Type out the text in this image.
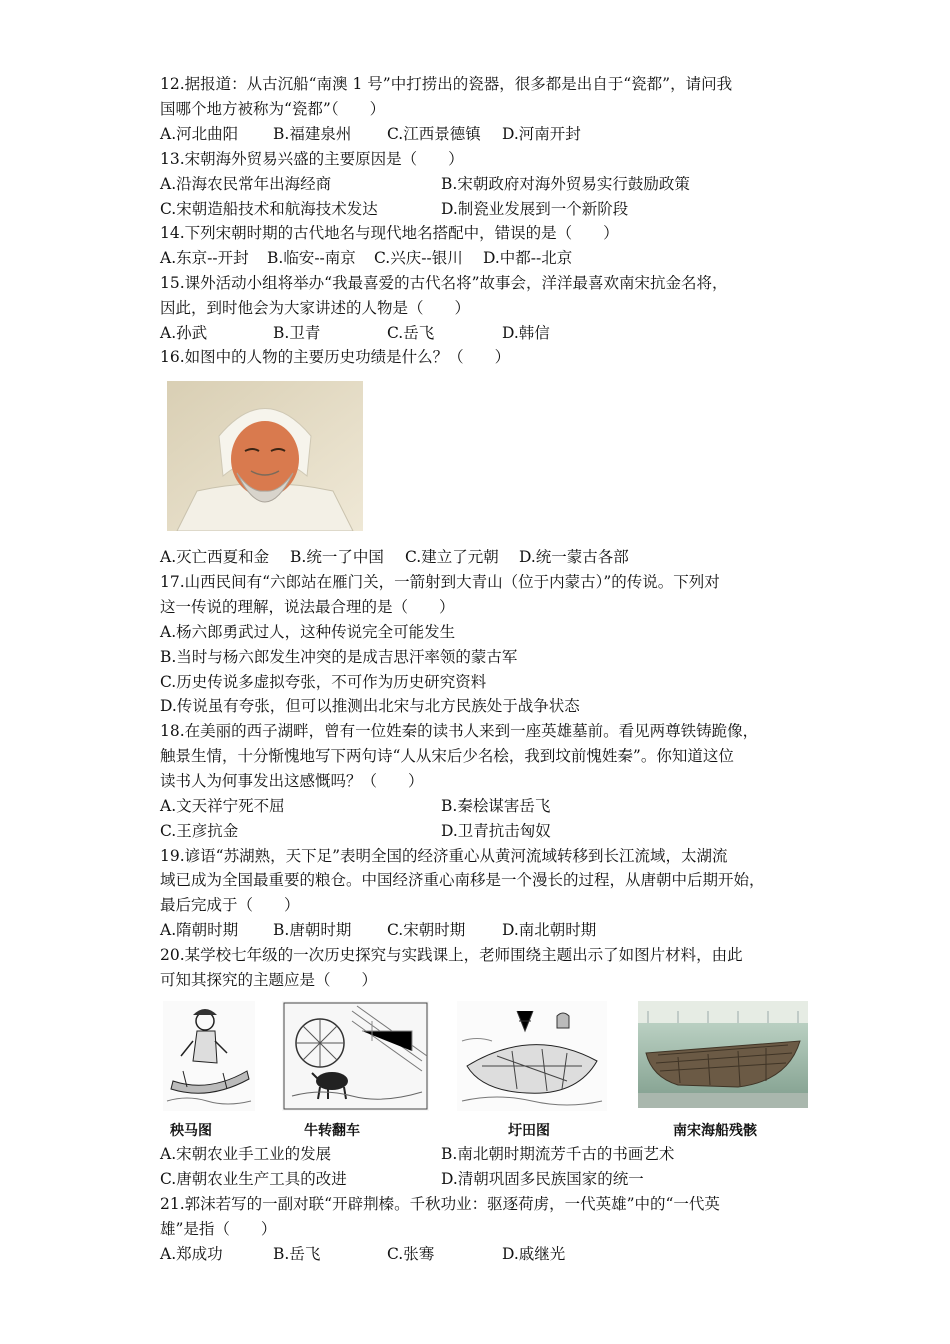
12.据报道：从古沉船“南澳 1 号”中打捞出的瓷器，很多都是出自于“瓷都”，请问我
国哪个地方被称为“瓷都”（　　）
A.河北曲阳 B.福建泉州 C.江西景德镇 D.河南开封
13.宋朝海外贸易兴盛的主要原因是（　　）
A.沿海农民常年出海经商	B.宋朝政府对海外贸易实行鼓励政策
C.宋朝造船技术和航海技术发达	D.制瓷业发展到一个新阶段
14.下列宋朝时期的古代地名与现代地名搭配中，错误的是（　　）
A.东京--开封 B.临安--南京 C.兴庆--银川 D.中都--北京
15.课外活动小组将举办“我最喜爱的古代名将”故事会，洋洋最喜欢南宋抗金名将，
因此，到时他会为大家讲述的人物是（　　）
A.孙武	B.卫青	C.岳飞	D.韩信
16.如图中的人物的主要历史功绩是什么？（　　）
A.灭亡西夏和金 B.统一了中国 C.建立了元朝 D.统一蒙古各部
17.山西民间有“六郎站在雁门关，一箭射到大青山（位于内蒙古）”的传说。下列对
这一传说的理解，说法最合理的是（　　）
A.杨六郎勇武过人，这种传说完全可能发生
B.当时与杨六郎发生冲突的是成吉思汗率领的蒙古军
C.历史传说多虚拟夸张，不可作为历史研究资料
D.传说虽有夸张，但可以推测出北宋与北方民族处于战争状态
18.在美丽的西子湖畔，曾有一位姓秦的读书人来到一座英雄墓前。看见两尊铁铸跪像，
触景生情，十分惭愧地写下两句诗“人从宋后少名桧，我到坟前愧姓秦”。你知道这位
读书人为何事发出这感慨吗？（　　）
A.文天祥宁死不屈	B.秦桧谋害岳飞
C.王彦抗金	D.卫青抗击匈奴
19.谚语“苏湖熟，天下足”表明全国的经济重心从黄河流域转移到长江流域，太湖流
域已成为全国最重要的粮仓。中国经济重心南移是一个漫长的过程，从唐朝中后期开始，
最后完成于（　　）
A.隋朝时期 B.唐朝时期 C.宋朝时期 D.南北朝时期
20.某学校七年级的一次历史探究与实践课上，老师围绕主题出示了如图片材料，由此
可知其探究的主题应是（　　）
秧马图	牛转翻车	圩田图	南宋海船残骸
A.宋朝农业手工业的发展	B.南北朝时期流芳千古的书画艺术
C.唐朝农业生产工具的改进	D.清朝巩固多民族国家的统一
21.郭沫若写的一副对联“开辟荆榛。千秋功业：驱逐荷虏，一代英雄”中的“一代英
雄”是指（　　）
A.郑成功	B.岳飞	C.张骞	D.戚继光
